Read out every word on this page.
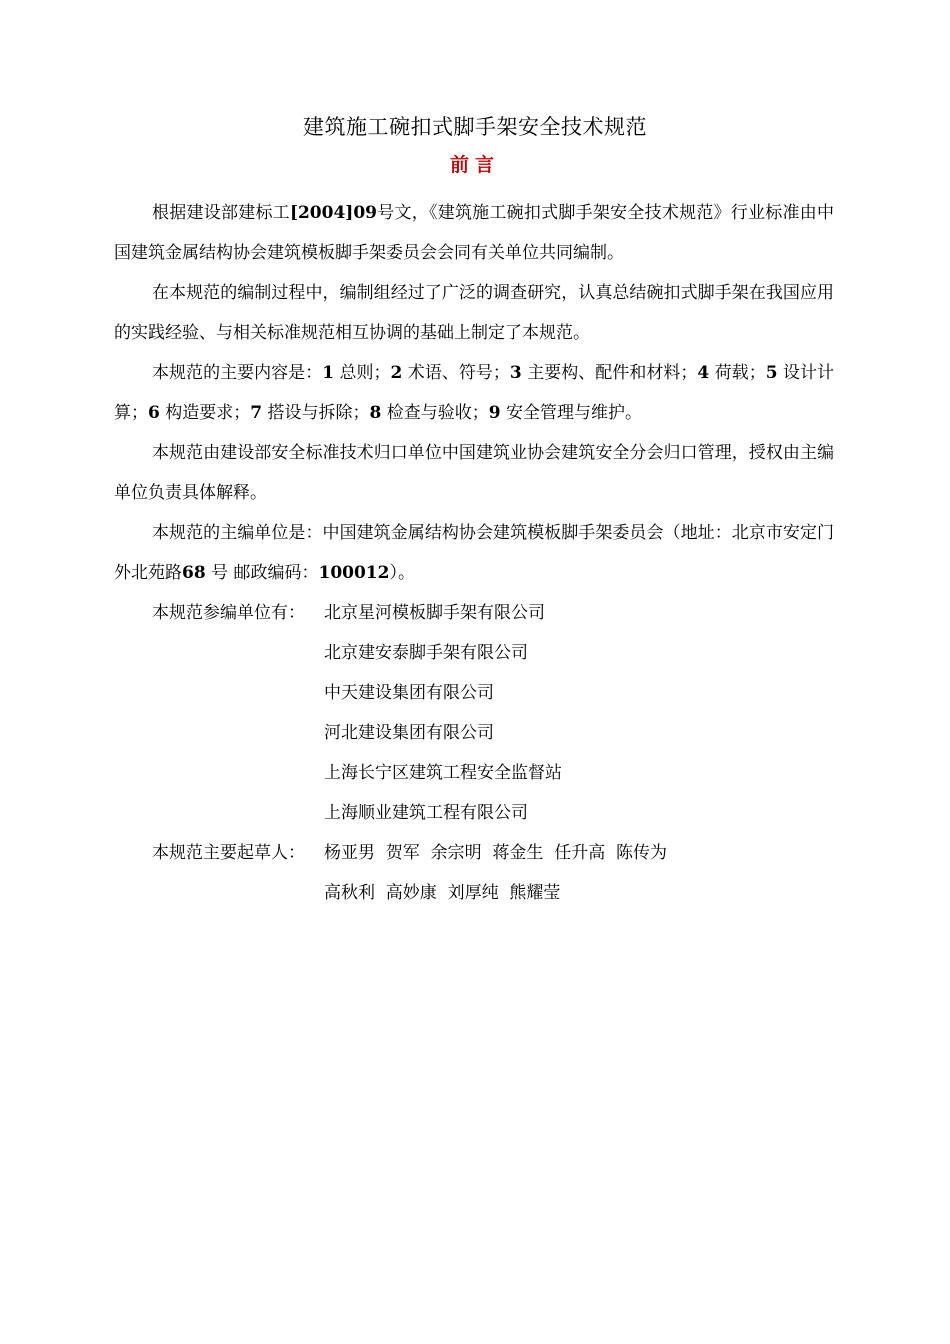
建筑施工碗扣式脚手架安全技术规范
前言

根据建设部建标工[2004]09号文，《建筑施工碗扣式脚手架安全技术规范》行业标准由中国建筑金属结构协会建筑模板脚手架委员会会同有关单位共同编制。

在本规范的编制过程中，编制组经过了广泛的调查研究，认真总结碗扣式脚手架在我国应用的实践经验、与相关标准规范相互协调的基础上制定了本规范。

本规范的主要内容是：1 总则；2 术语、符号；3 主要构、配件和材料；4 荷载；5 设计计算；6 构造要求；7 搭设与拆除；8 检查与验收；9 安全管理与维护。

本规范由建设部安全标准技术归口单位中国建筑业协会建筑安全分会归口管理，授权由主编单位负责具体解释。

本规范的主编单位是：中国建筑金属结构协会建筑模板脚手架委员会（地址：北京市安定门外北苑路68 号 邮政编码：100012）。

本规范参编单位有： 北京星河模板脚手架有限公司
北京建安泰脚手架有限公司
中天建设集团有限公司
河北建设集团有限公司
上海长宁区建筑工程安全监督站
上海顺业建筑工程有限公司
本规范主要起草人： 杨亚男  贺军  余宗明  蒋金生  任升高  陈传为
高秋利  高妙康  刘厚纯  熊耀莹
